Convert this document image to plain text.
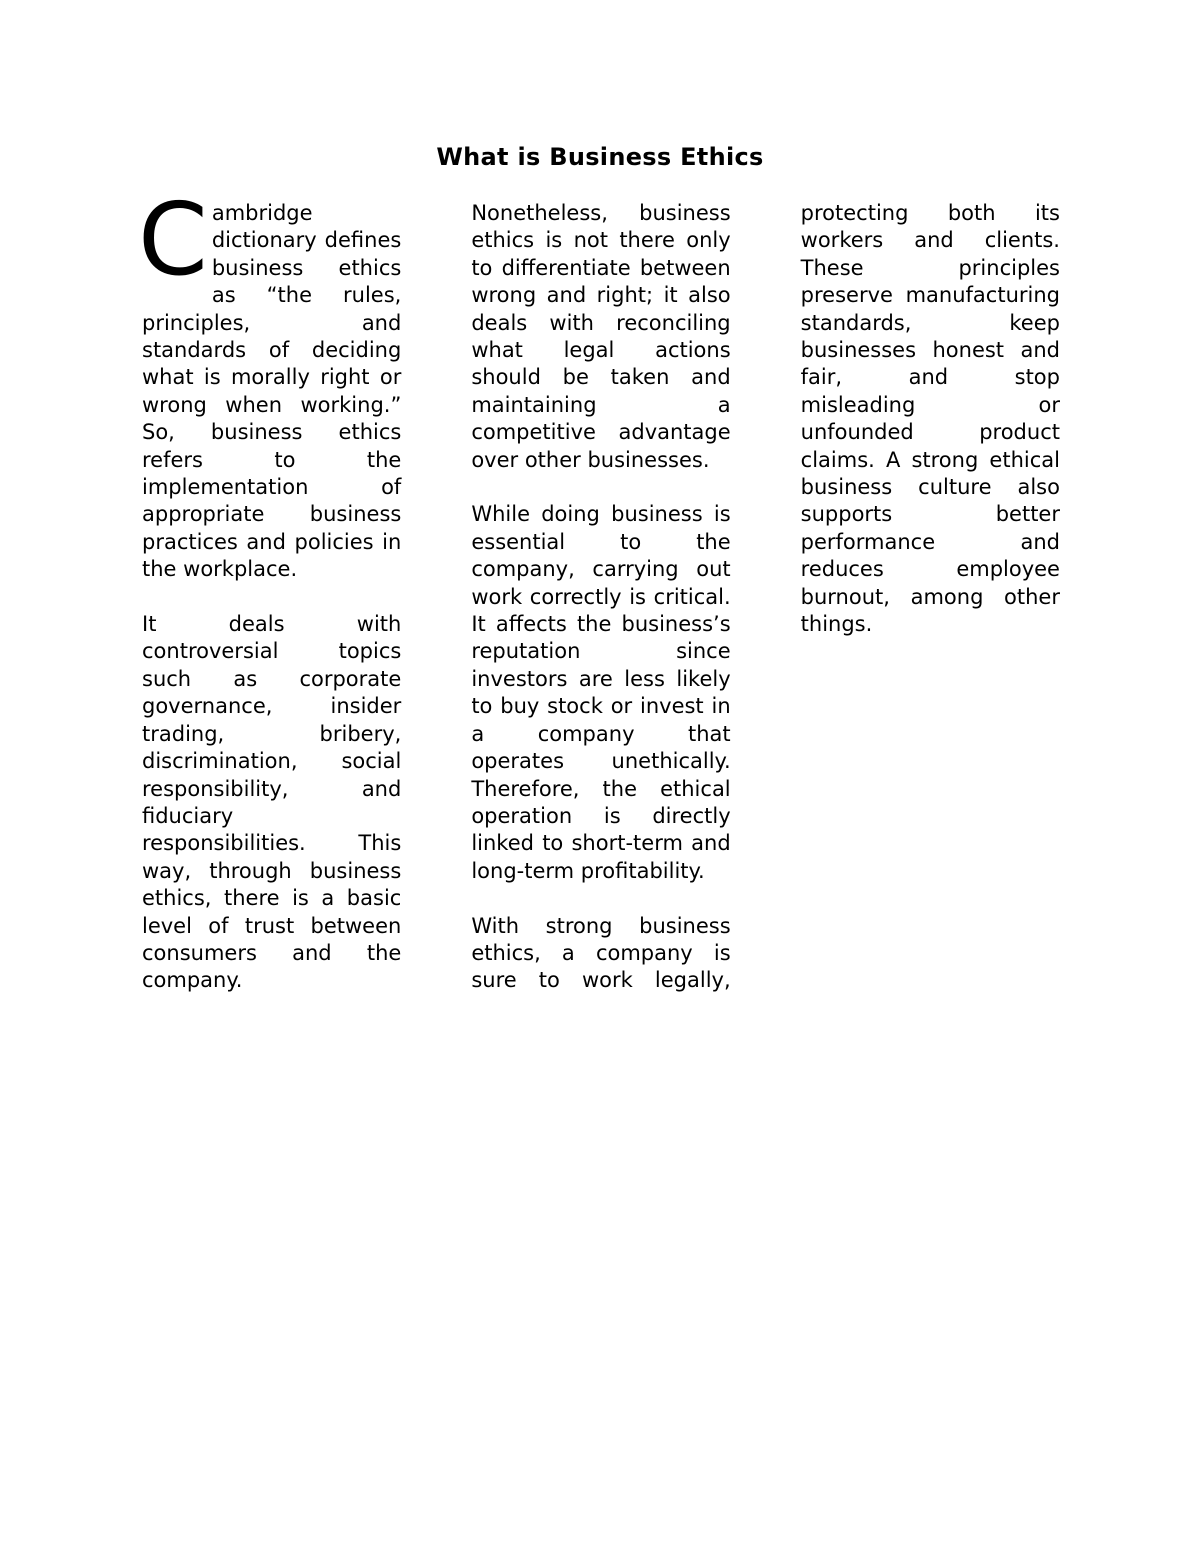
What is Business Ethics

Cambridge dictionary defines business ethics as “the rules, principles, and standards of deciding what is morally right or wrong when working.” So, business ethics refers to the implementation of appropriate business practices and policies in the workplace.

It deals with controversial topics such as corporate governance, insider trading, bribery, discrimination, social responsibility, and fiduciary responsibilities. This way, through business ethics, there is a basic level of trust between consumers and the company.

Nonetheless, business ethics is not there only to differentiate between wrong and right; it also deals with reconciling what legal actions should be taken and maintaining a competitive advantage over other businesses.

While doing business is essential to the company, carrying out work correctly is critical. It affects the business’s reputation since investors are less likely to buy stock or invest in a company that operates unethically. Therefore, the ethical operation is directly linked to short-term and long-term profitability.

With strong business ethics, a company is sure to work legally, protecting both its workers and clients. These principles preserve manufacturing standards, keep businesses honest and fair, and stop misleading or unfounded product claims. A strong ethical business culture also supports better performance and reduces employee burnout, among other things.
